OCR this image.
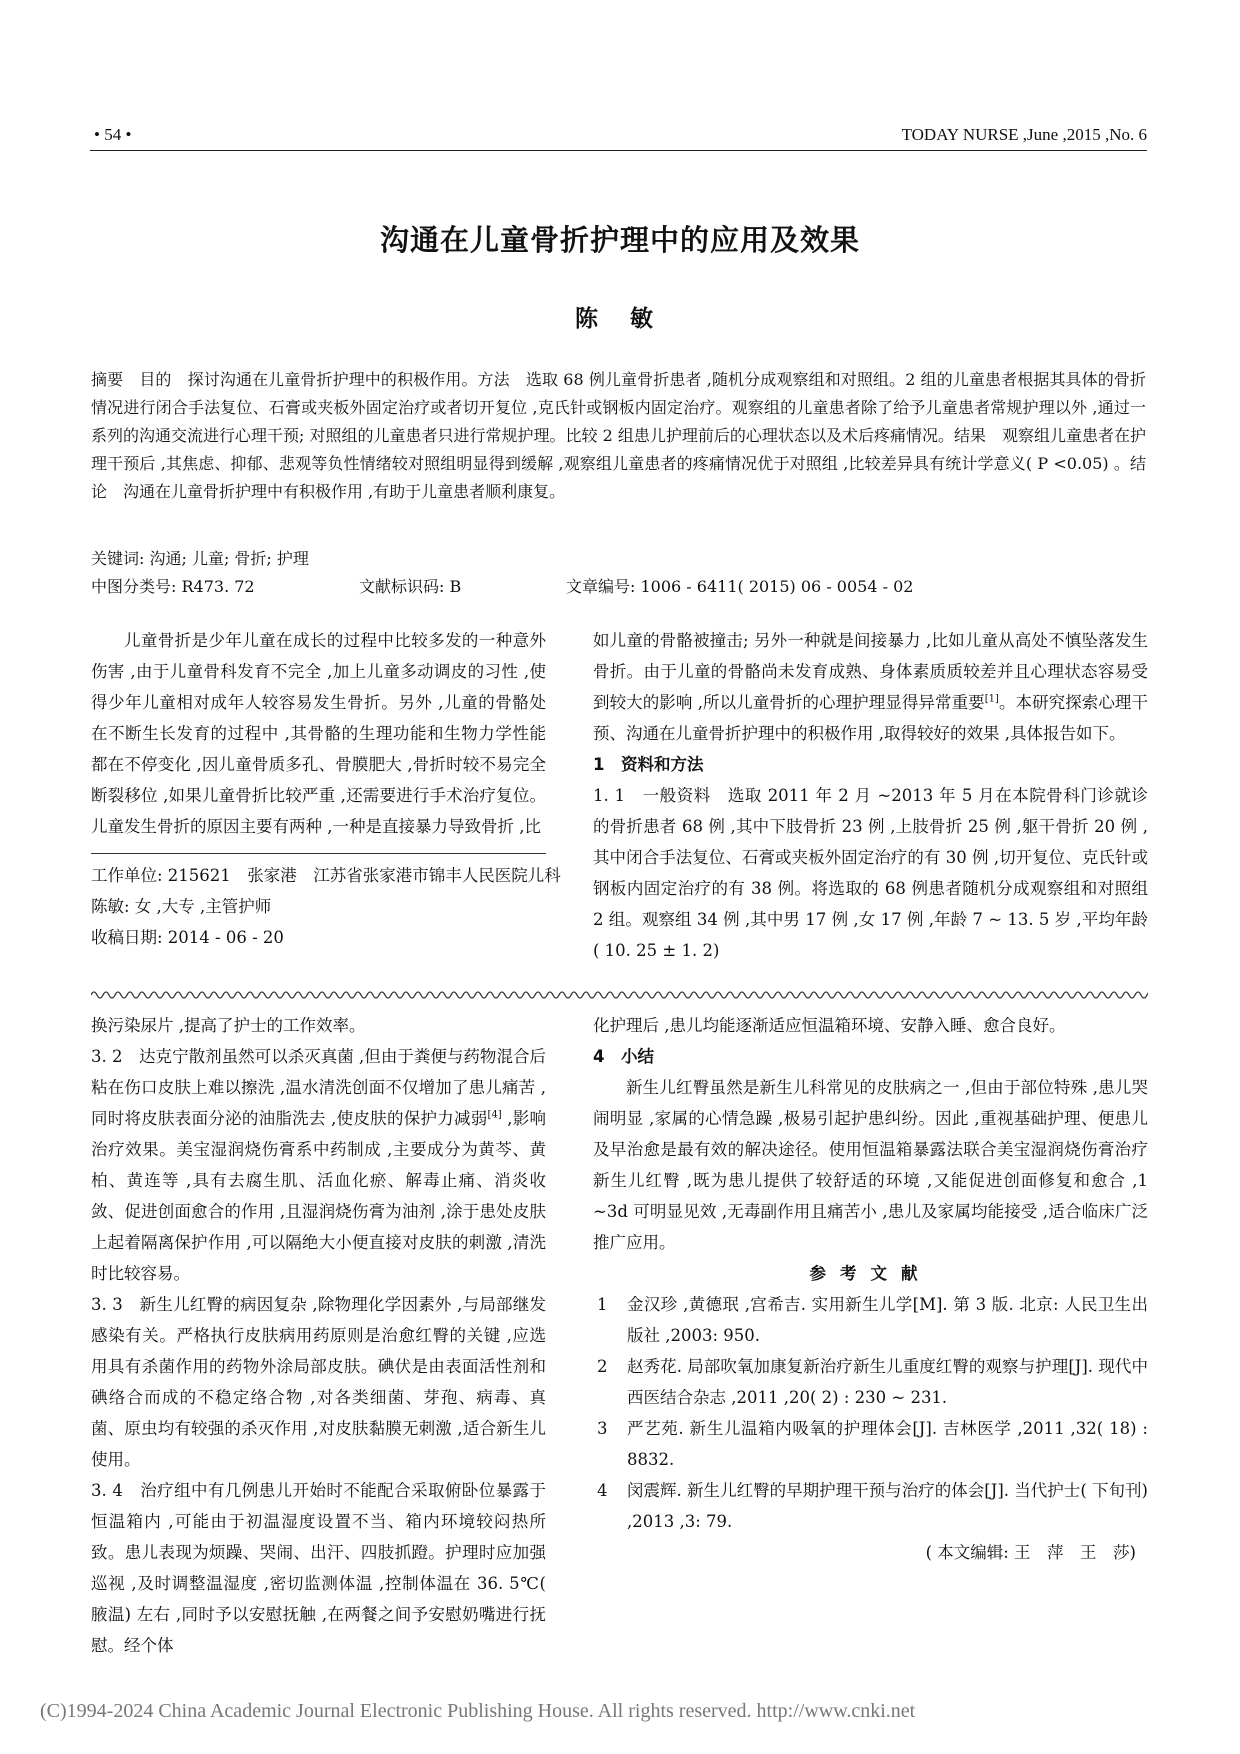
• 54 •	TODAY NURSE ,June ,2015 ,No. 6
沟通在儿童骨折护理中的应用及效果
陈 敏
摘要　目的　探讨沟通在儿童骨折护理中的积极作用。方法　选取 68 例儿童骨折患者 ,随机分成观察组和对照组。2 组的儿童患者根据其具体的骨折情况进行闭合手法复位、石膏或夹板外固定治疗或者切开复位 ,克氏针或钢板内固定治疗。观察组的儿童患者除了给予儿童患者常规护理以外 ,通过一系列的沟通交流进行心理干预; 对照组的儿童患者只进行常规护理。比较 2 组患儿护理前后的心理状态以及术后疼痛情况。结果　观察组儿童患者在护理干预后 ,其焦虑、抑郁、悲观等负性情绪较对照组明显得到缓解 ,观察组儿童患者的疼痛情况优于对照组 ,比较差异具有统计学意义( P <0.05) 。结论　沟通在儿童骨折护理中有积极作用 ,有助于儿童患者顺利康复。
关键词: 沟通; 儿童; 骨折; 护理
中图分类号: R473. 72	文献标识码: B	文章编号: 1006 - 6411( 2015) 06 - 0054 - 02

儿童骨折是少年儿童在成长的过程中比较多发的一种意外伤害 ,由于儿童骨科发育不完全 ,加上儿童多动调皮的习性 ,使得少年儿童相对成年人较容易发生骨折。另外 ,儿童的骨骼处在不断生长发育的过程中 ,其骨骼的生理功能和生物力学性能都在不停变化 ,因儿童骨质多孔、骨膜肥大 ,骨折时较不易完全断裂移位 ,如果儿童骨折比较严重 ,还需要进行手术治疗复位。儿童发生骨折的原因主要有两种 ,一种是直接暴力导致骨折 ,比

工作单位: 215621　张家港　江苏省张家港市锦丰人民医院儿科
陈敏: 女 ,大专 ,主管护师
收稿日期: 2014 - 06 - 20

如儿童的骨骼被撞击; 另外一种就是间接暴力 ,比如儿童从高处不慎坠落发生骨折。由于儿童的骨骼尚未发育成熟、身体素质质较差并且心理状态容易受到较大的影响 ,所以儿童骨折的心理护理显得异常重要[1]。本研究探索心理干预、沟通在儿童骨折护理中的积极作用 ,取得较好的效果 ,具体报告如下。

1　资料和方法

1. 1　一般资料　选取 2011 年 2 月 ~2013 年 5 月在本院骨科门诊就诊的骨折患者 68 例 ,其中下肢骨折 23 例 ,上肢骨折 25 例 ,躯干骨折 20 例 ,其中闭合手法复位、石膏或夹板外固定治疗的有 30 例 ,切开复位、克氏针或钢板内固定治疗的有 38 例。将选取的 68 例患者随机分成观察组和对照组 2 组。观察组 34 例 ,其中男 17 例 ,女 17 例 ,年龄 7 ~ 13. 5 岁 ,平均年龄( 10. 25 ± 1. 2)

换污染尿片 ,提高了护士的工作效率。

3. 2　达克宁散剂虽然可以杀灭真菌 ,但由于粪便与药物混合后粘在伤口皮肤上难以擦洗 ,温水清洗创面不仅增加了患儿痛苦 ,同时将皮肤表面分泌的油脂洗去 ,使皮肤的保护力减弱[4] ,影响治疗效果。美宝湿润烧伤膏系中药制成 ,主要成分为黄芩、黄柏、黄连等 ,具有去腐生肌、活血化瘀、解毒止痛、消炎收敛、促进创面愈合的作用 ,且湿润烧伤膏为油剂 ,涂于患处皮肤上起着隔离保护作用 ,可以隔绝大小便直接对皮肤的刺激 ,清洗时比较容易。

3. 3　新生儿红臀的病因复杂 ,除物理化学因素外 ,与局部继发感染有关。严格执行皮肤病用药原则是治愈红臀的关键 ,应选用具有杀菌作用的药物外涂局部皮肤。碘伏是由表面活性剂和碘络合而成的不稳定络合物 ,对各类细菌、芽孢、病毒、真菌、原虫均有较强的杀灭作用 ,对皮肤黏膜无刺激 ,适合新生儿使用。

3. 4　治疗组中有几例患儿开始时不能配合采取俯卧位暴露于恒温箱内 ,可能由于初温湿度设置不当、箱内环境较闷热所致。患儿表现为烦躁、哭闹、出汗、四肢抓蹬。护理时应加强巡视 ,及时调整温湿度 ,密切监测体温 ,控制体温在 36. 5℃( 腋温) 左右 ,同时予以安慰抚触 ,在两餐之间予安慰奶嘴进行抚慰。经个体

化护理后 ,患儿均能逐渐适应恒温箱环境、安静入睡、愈合良好。

4　小结

新生儿红臀虽然是新生儿科常见的皮肤病之一 ,但由于部位特殊 ,患儿哭闹明显 ,家属的心情急躁 ,极易引起护患纠纷。因此 ,重视基础护理、便患儿及早治愈是最有效的解决途径。使用恒温箱暴露法联合美宝湿润烧伤膏治疗新生儿红臀 ,既为患儿提供了较舒适的环境 ,又能促进创面修复和愈合 ,1 ~3d 可明显见效 ,无毒副作用且痛苦小 ,患儿及家属均能接受 ,适合临床广泛推广应用。

参考文献

1 金汉珍 ,黄德珉 ,宫希吉. 实用新生儿学[M]. 第 3 版. 北京: 人民卫生出版社 ,2003: 950.
2 赵秀花. 局部吹氧加康复新治疗新生儿重度红臀的观察与护理[J]. 现代中西医结合杂志 ,2011 ,20( 2) : 230 ~ 231.
3 严艺苑. 新生儿温箱内吸氧的护理体会[J]. 吉林医学 ,2011 ,32( 18) : 8832.
4 闵震辉. 新生儿红臀的早期护理干预与治疗的体会[J]. 当代护士( 下旬刊) ,2013 ,3: 79.

( 本文编辑: 王　萍　王　莎)

(C)1994-2024 China Academic Journal Electronic Publishing House. All rights reserved. http://www.cnki.net
